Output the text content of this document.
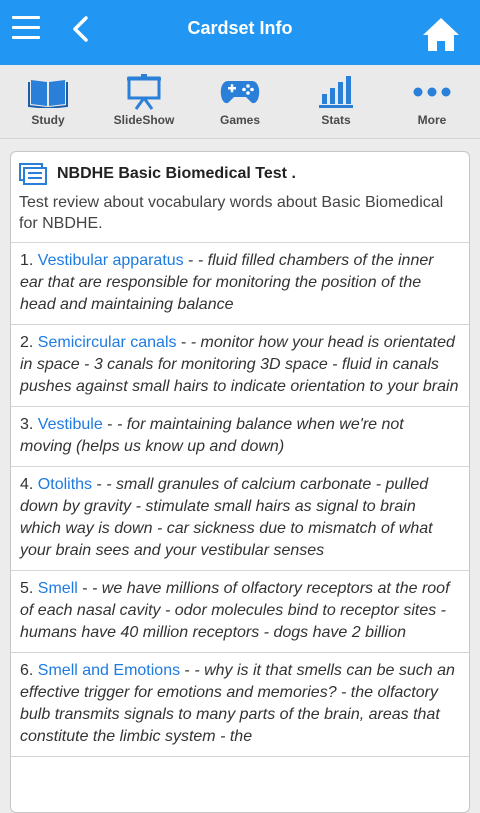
Cardset Info
Study	SlideShow	Games	Stats	More
NBDHE Basic Biomedical Test .
Test review about vocabulary words about Basic Biomedical for NBDHE.
1. Vestibular apparatus - - fluid filled chambers of the inner ear that are responsible for monitoring the position of the head and maintaining balance
2. Semicircular canals - - monitor how your head is orientated in space - 3 canals for monitoring 3D space - fluid in canals pushes against small hairs to indicate orientation to your brain
3. Vestibule - - for maintaining balance when we're not moving (helps us know up and down)
4. Otoliths - - small granules of calcium carbonate - pulled down by gravity - stimulate small hairs as signal to brain which way is down - car sickness due to mismatch of what your brain sees and your vestibular senses
5. Smell - - we have millions of olfactory receptors at the roof of each nasal cavity - odor molecules bind to receptor sites - humans have 40 million receptors - dogs have 2 billion
6. Smell and Emotions - - why is it that smells can be such an effective trigger for emotions and memories? - the olfactory bulb transmits signals to many parts of the brain, areas that constitute the limbic system - the
